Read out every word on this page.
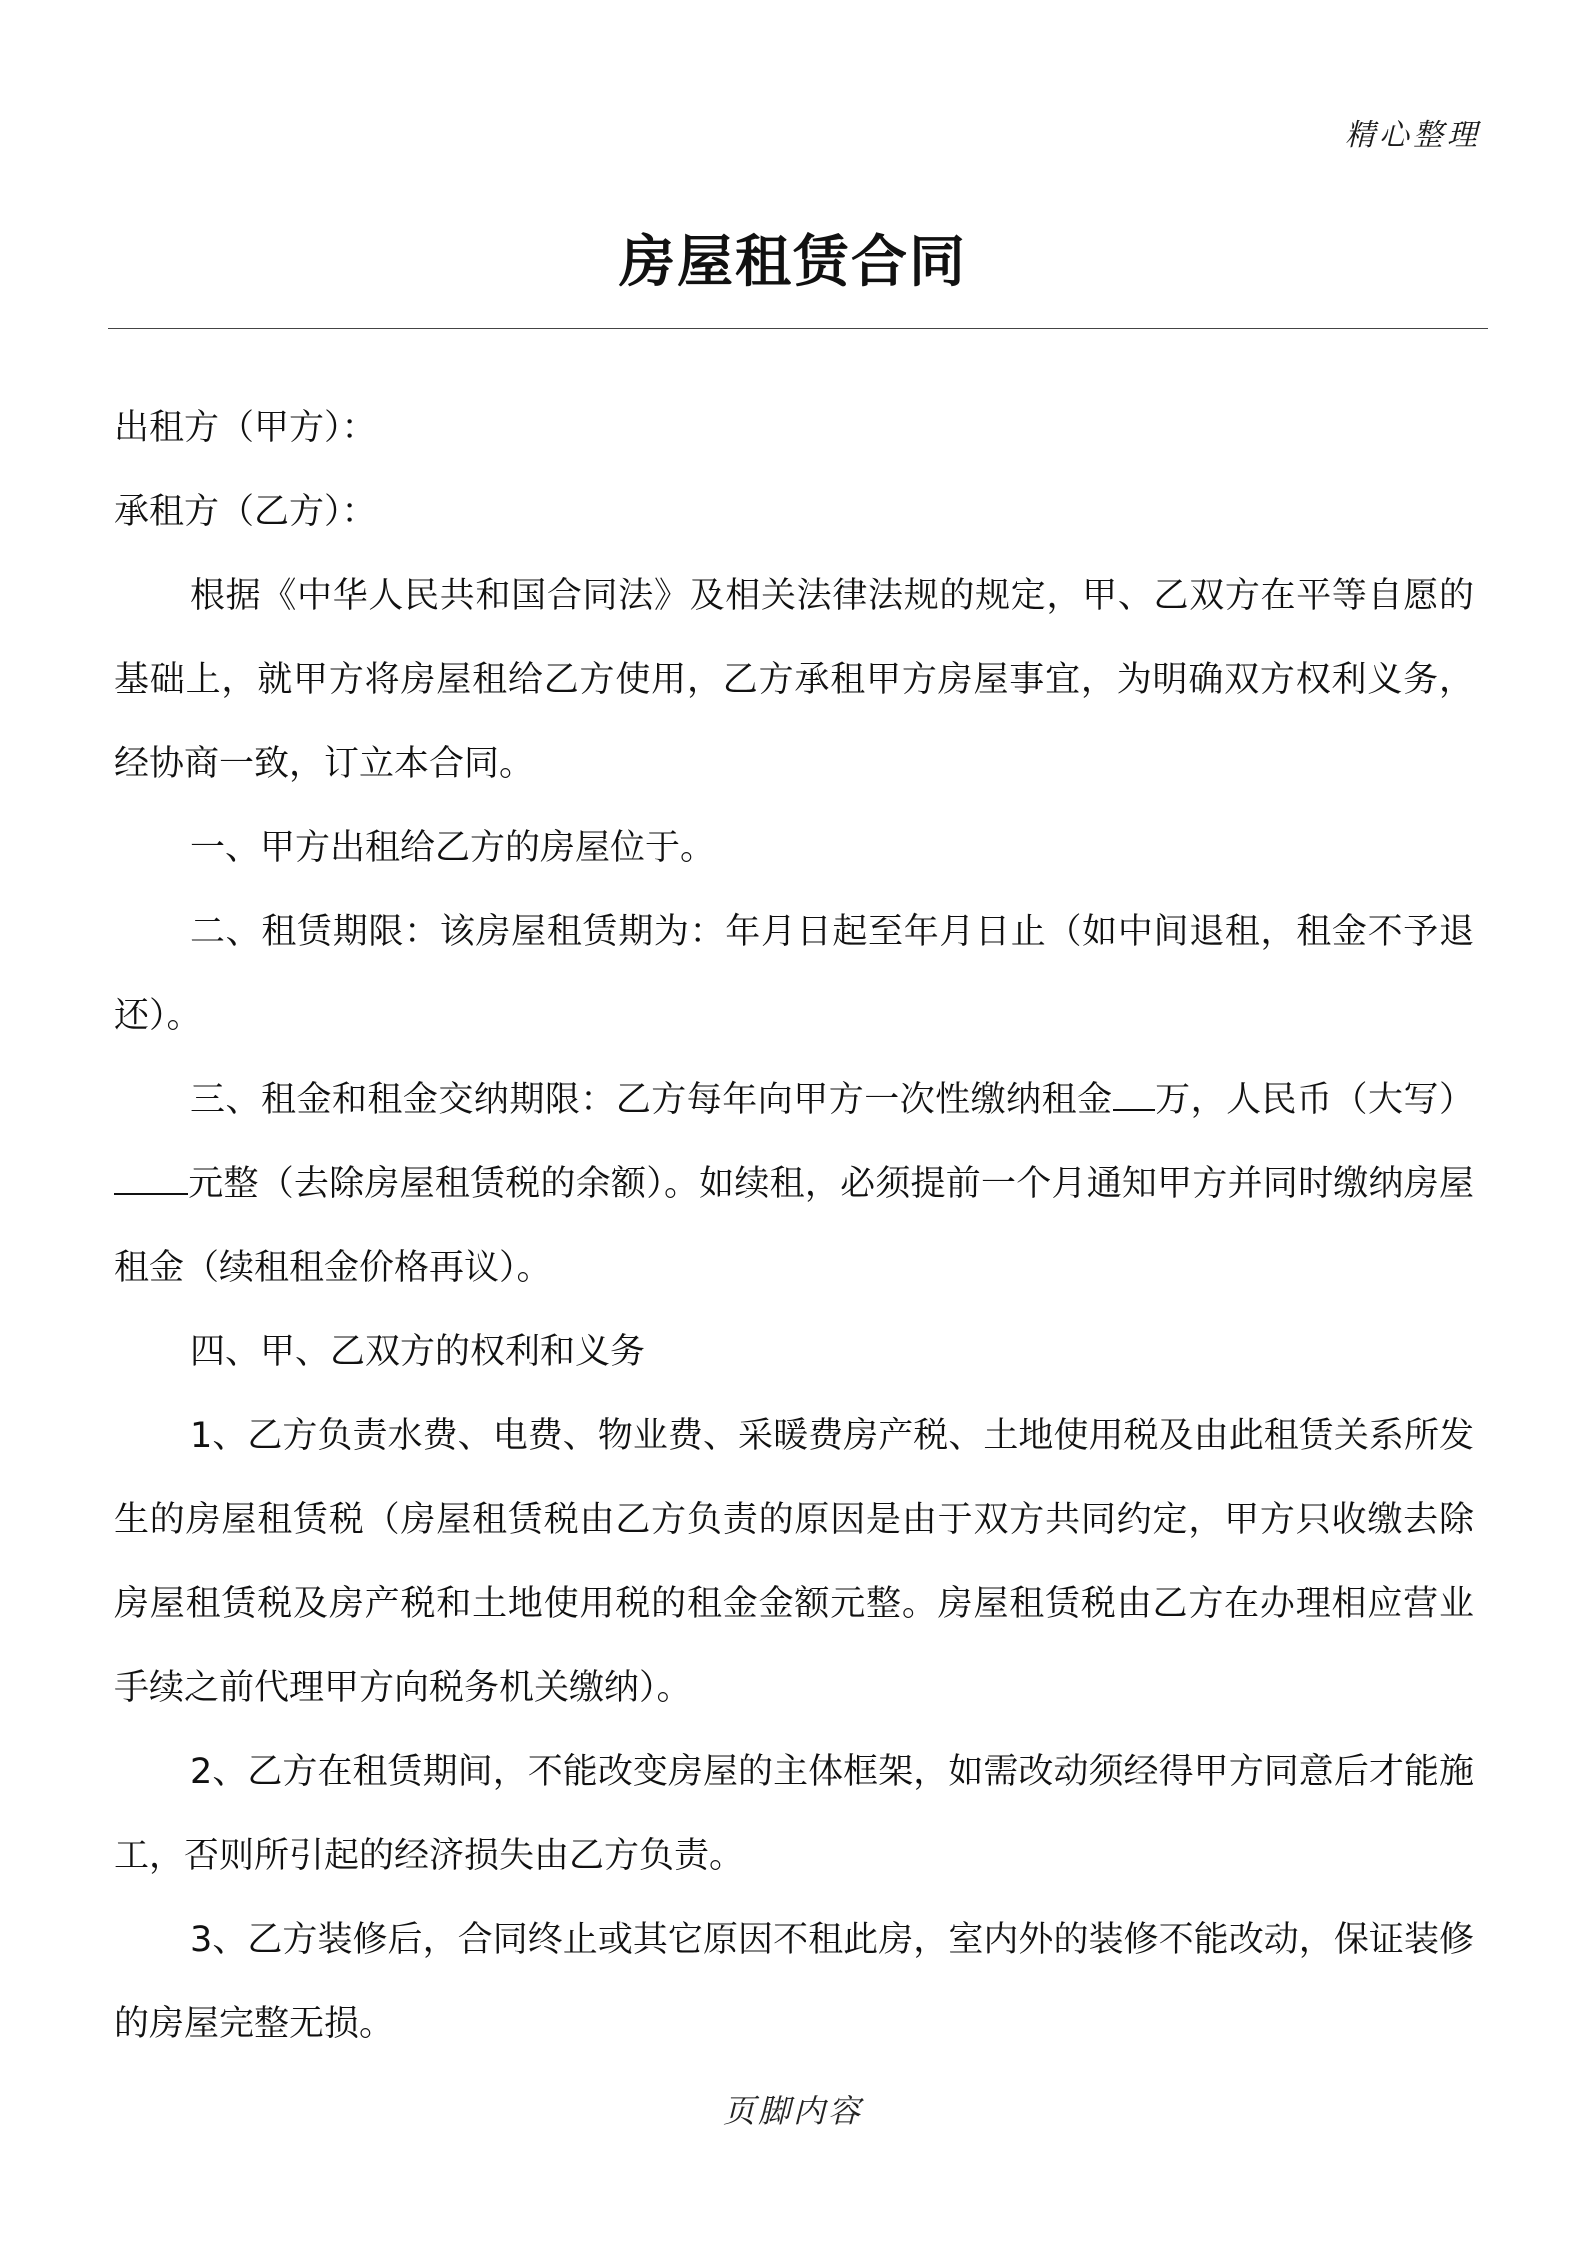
精心整理
房屋租赁合同

出租方（甲方）：

承租方（乙方）：

根据《中华人民共和国合同法》及相关法律法规的规定，甲、乙双方在平等自愿的基础上，就甲方将房屋租给乙方使用，乙方承租甲方房屋事宜，为明确双方权利义务，经协商一致，订立本合同。

一、甲方出租给乙方的房屋位于。

二、租赁期限：该房屋租赁期为：年月日起至年月日止（如中间退租，租金不予退还）。

三、租金和租金交纳期限：乙方每年向甲方一次性缴纳租金 万，人民币（大写）元整（去除房屋租赁税的余额）。如续租，必须提前一个月通知甲方并同时缴纳房屋租金（续租租金价格再议）。

四、甲、乙双方的权利和义务

1、乙方负责水费、电费、物业费、采暖费房产税、土地使用税及由此租赁关系所发生的房屋租赁税（房屋租赁税由乙方负责的原因是由于双方共同约定，甲方只收缴去除房屋租赁税及房产税和土地使用税的租金金额元整。房屋租赁税由乙方在办理相应营业手续之前代理甲方向税务机关缴纳）。

2、乙方在租赁期间，不能改变房屋的主体框架，如需改动须经得甲方同意后才能施工，否则所引起的经济损失由乙方负责。

3、乙方装修后，合同终止或其它原因不租此房，室内外的装修不能改动，保证装修的房屋完整无损。

页脚内容
